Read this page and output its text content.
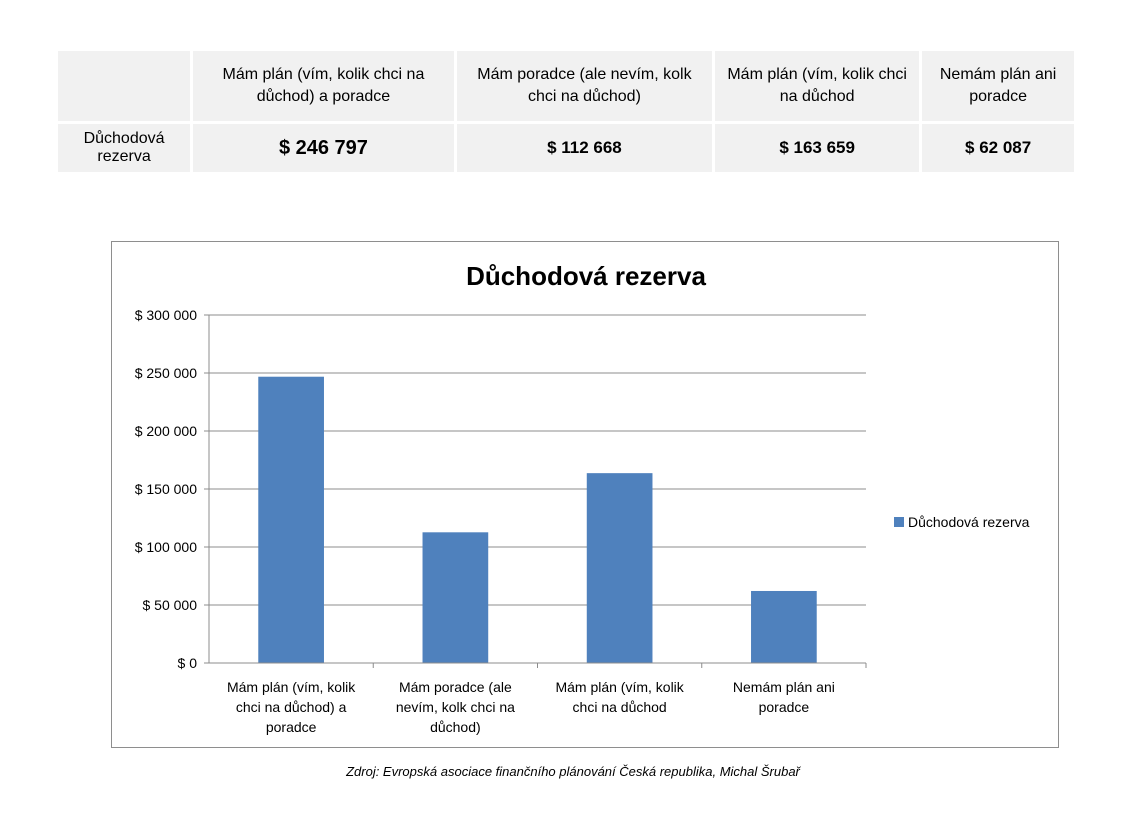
	Mám plán (vím, kolik chci na důchod) a poradce	Mám poradce (ale nevím, kolk chci na důchod)	Mám plán (vím, kolik chci na důchod	Nemám plán ani poradce
Důchodová rezerva	$ 246 797	$ 112 668	$ 163 659	$ 62 087
Důchodová rezerva
$ 0
$ 50 000
$ 100 000
$ 150 000
$ 200 000
$ 250 000
$ 300 000
Mám plán (vím, kolik
chci na důchod) a
poradce
Mám poradce (ale
nevím, kolk chci na
důchod)
Mám plán (vím, kolik
chci na důchod
Nemám plán ani
poradce
Důchodová rezerva
Zdroj: Evropská asociace finančního plánování Česká republika, Michal Šrubař
